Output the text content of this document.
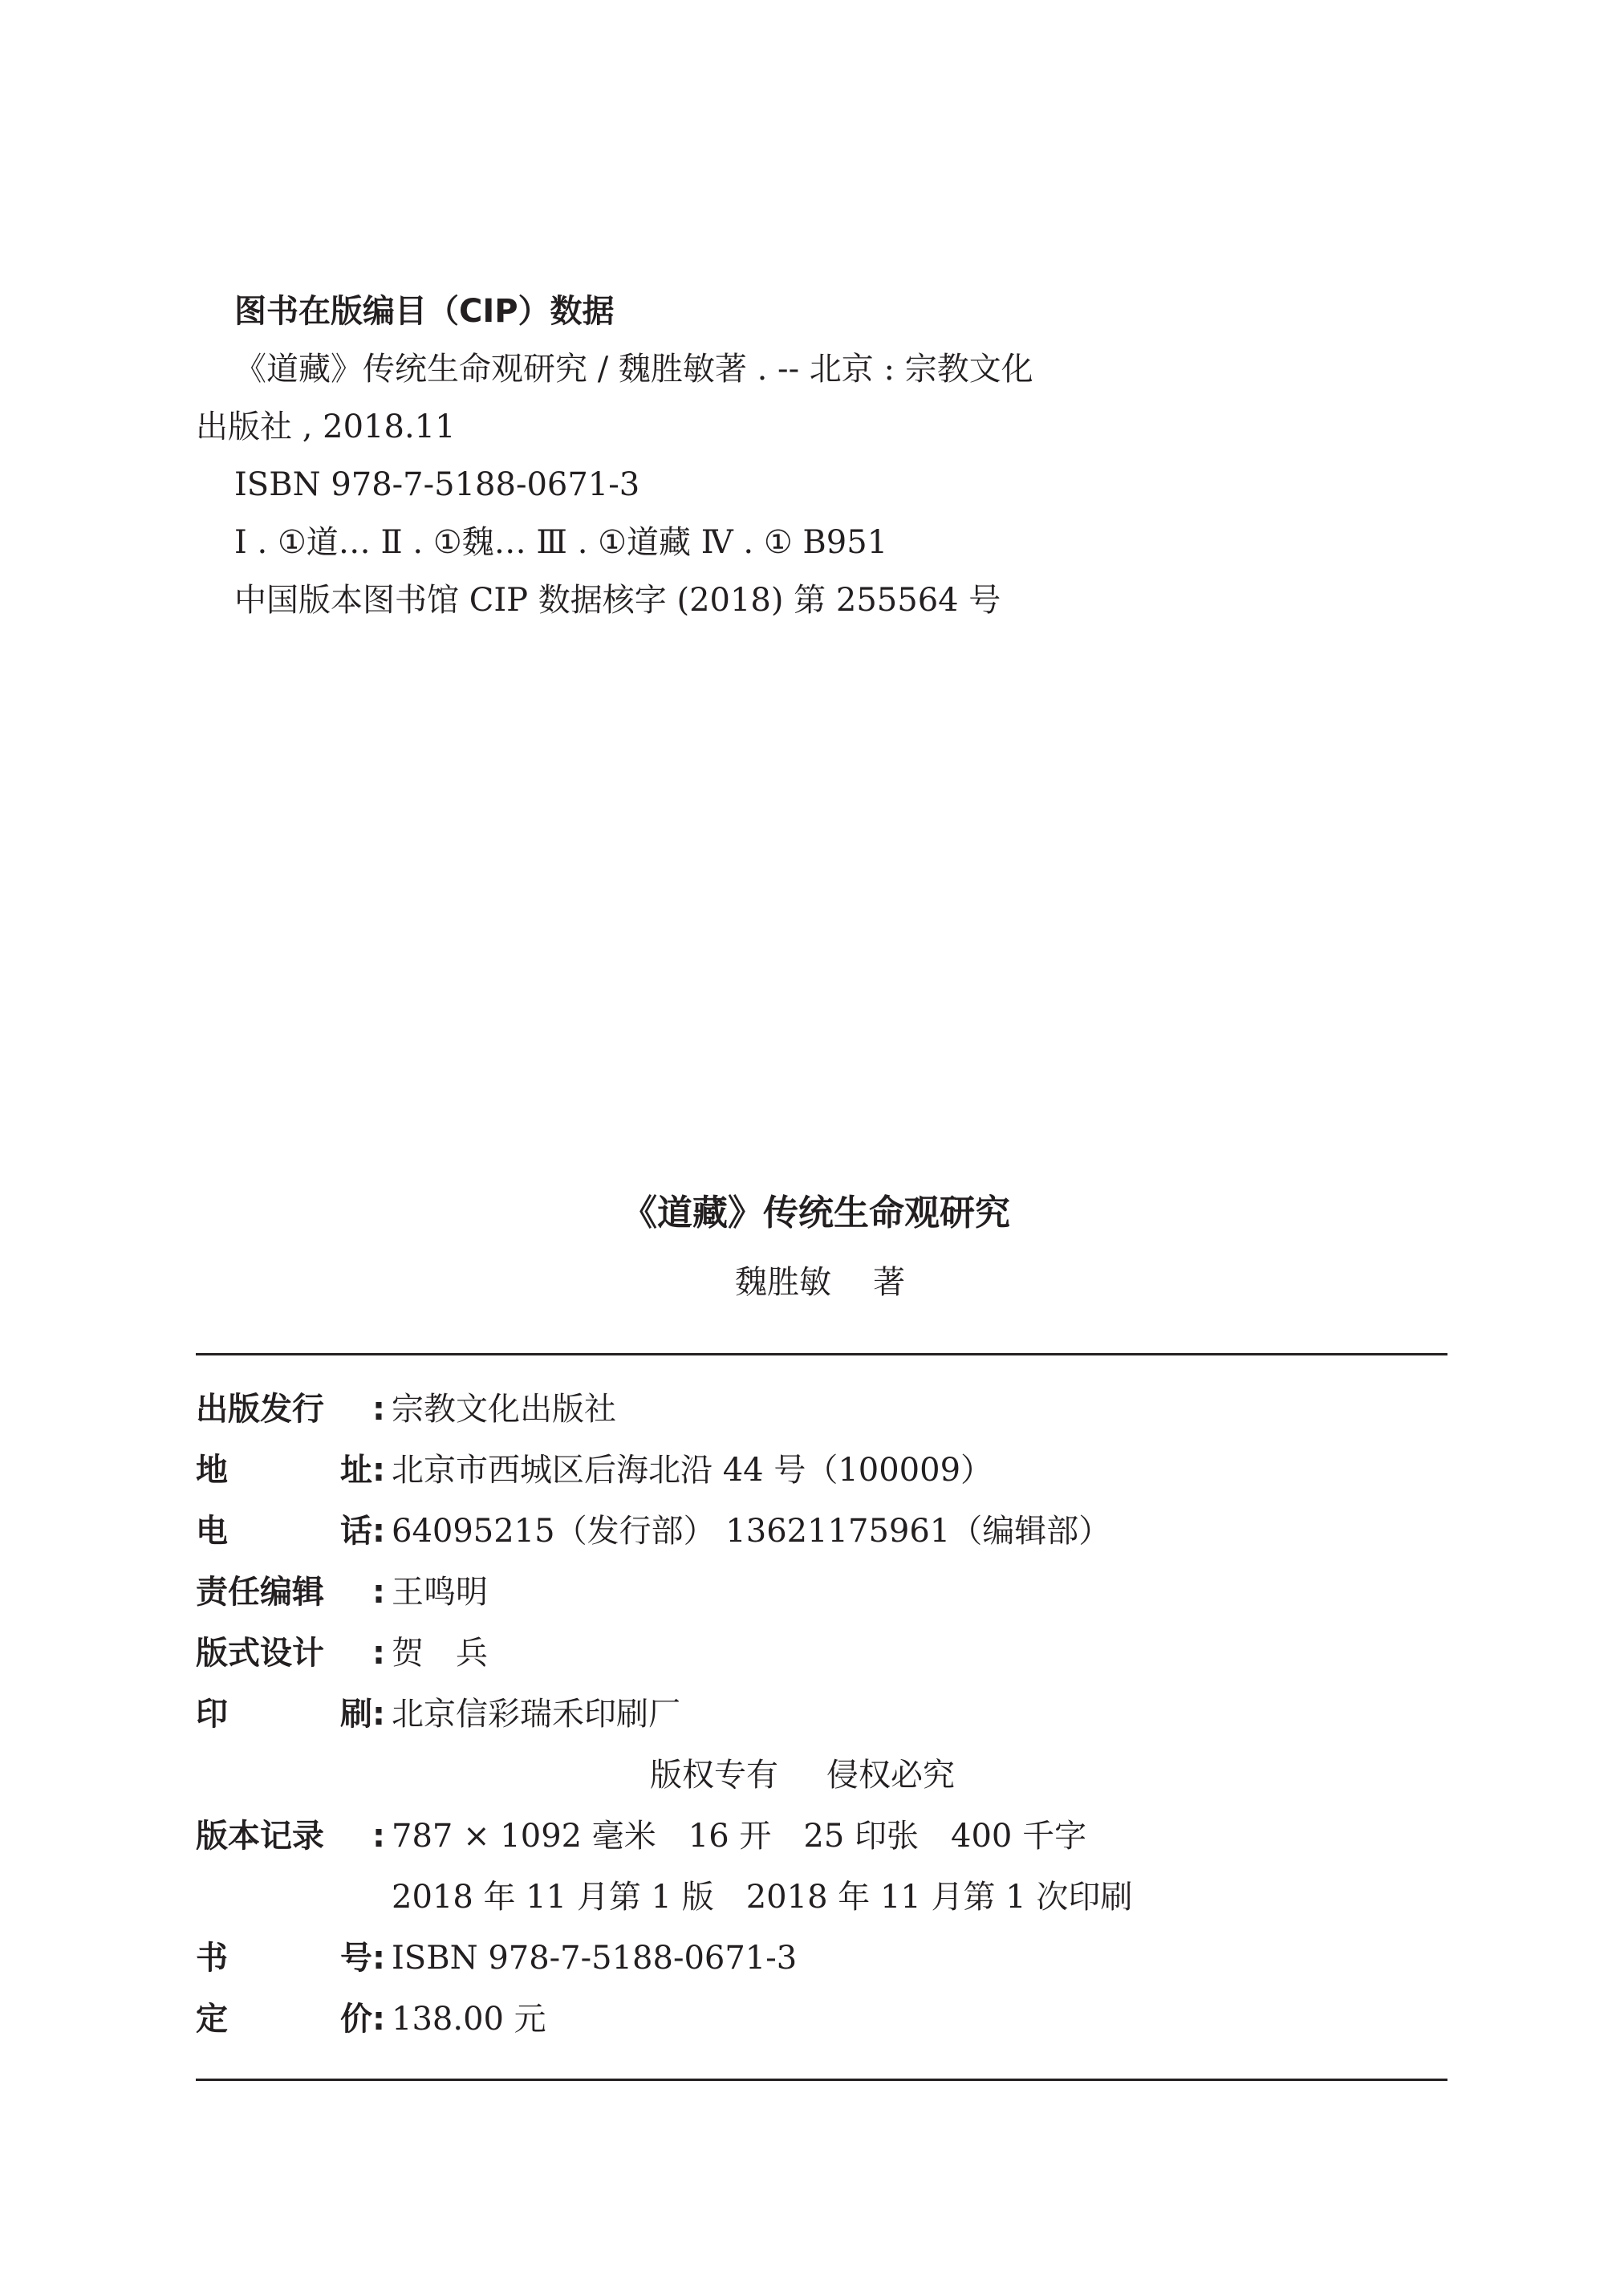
图书在版编目（CIP）数据
《道藏》传统生命观研究 / 魏胜敏著 . -- 北京 : 宗教文化
出版社 , 2018.11
ISBN 978-7-5188-0671-3
Ⅰ . ①道… Ⅱ . ①魏… Ⅲ . ①道藏 Ⅳ . ① B951
中国版本图书馆 CIP 数据核字 (2018) 第 255564 号
《道藏》传统生命观研究
魏胜敏 著
出版发行	: 宗教文化出版社
地	址 : 北京市西城区后海北沿 44 号（100009）
电	话 : 64095215（发行部） 13621175961（编辑部）
责任编辑	: 王鸣明
版式设计	: 贺　兵
印	刷 : 北京信彩瑞禾印刷厂
版权专有 侵权必究
版本记录	: 787 × 1092 毫米　16 开　25 印张　400 千字
2018 年 11 月第 1 版　2018 年 11 月第 1 次印刷
书	号 : ISBN 978-7-5188-0671-3
定	价 : 138.00 元
